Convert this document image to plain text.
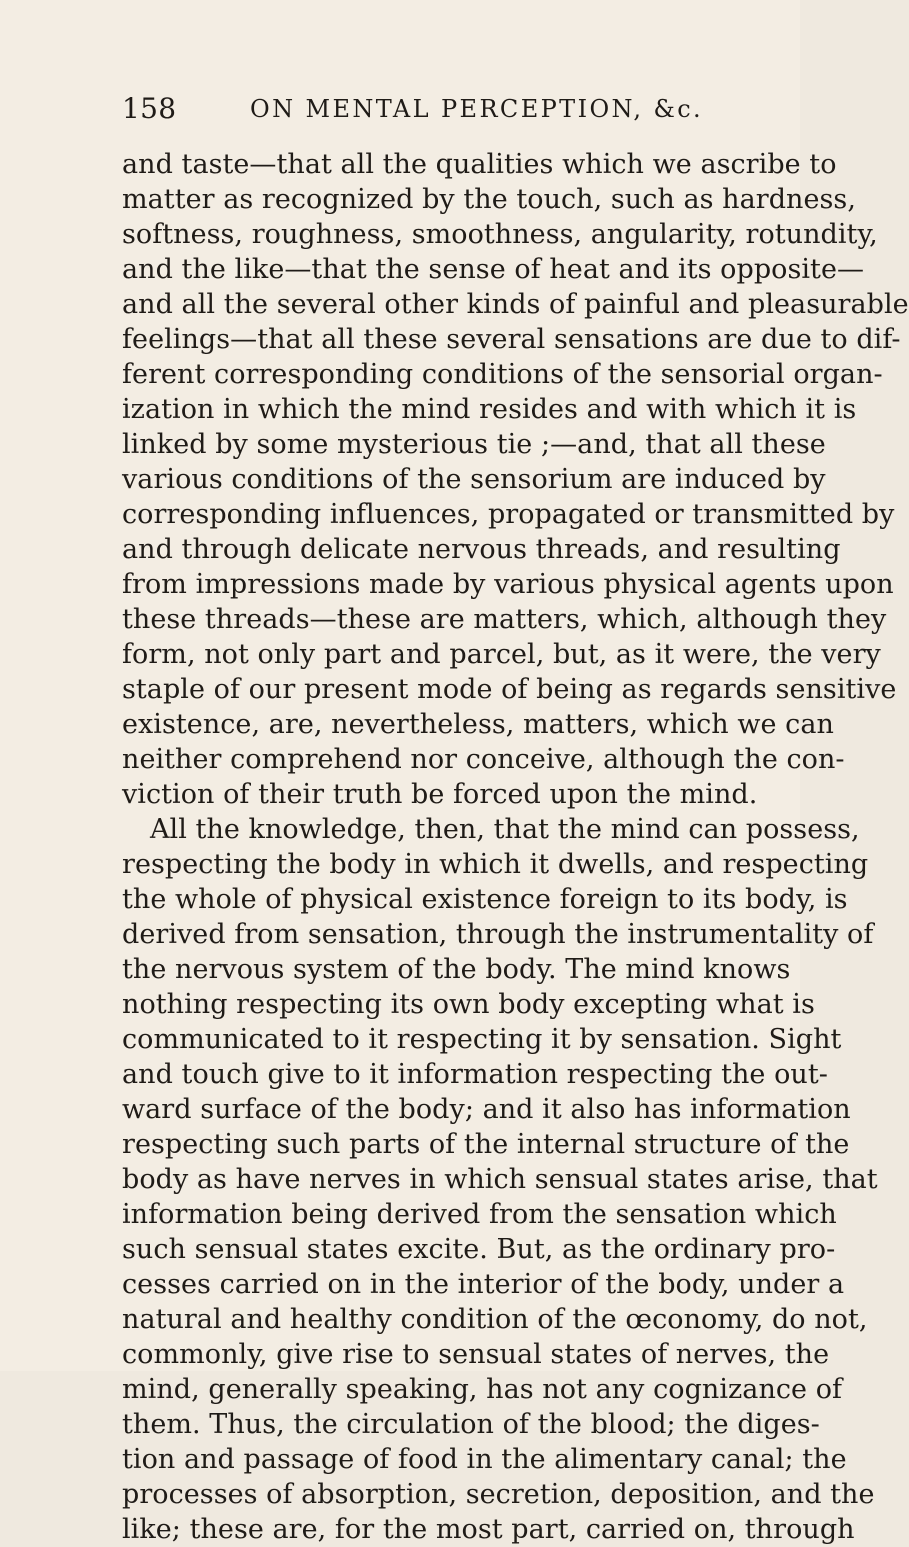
158	ON MENTAL PERCEPTION, &c.
and taste—that all the qualities which we ascribe to
matter as recognized by the touch, such as hardness,
softness, roughness, smoothness, angularity, rotundity,
and the like—that the sense of heat and its opposite—
and all the several other kinds of painful and pleasurable
feelings—that all these several sensations are due to dif-
ferent corresponding conditions of the sensorial organ-
ization in which the mind resides and with which it is
linked by some mysterious tie ;—and, that all these
various conditions of the sensorium are induced by
corresponding influences, propagated or transmitted by
and through delicate nervous threads, and resulting
from impressions made by various physical agents upon
these threads—these are matters, which, although they
form, not only part and parcel, but, as it were, the very
staple of our present mode of being as regards sensitive
existence, are, nevertheless, matters, which we can
neither comprehend nor conceive, although the con-
viction of their truth be forced upon the mind.
All the knowledge, then, that the mind can possess,
respecting the body in which it dwells, and respecting
the whole of physical existence foreign to its body, is
derived from sensation, through the instrumentality of
the nervous system of the body. The mind knows
nothing respecting its own body excepting what is
communicated to it respecting it by sensation. Sight
and touch give to it information respecting the out-
ward surface of the body; and it also has information
respecting such parts of the internal structure of the
body as have nerves in which sensual states arise, that
information being derived from the sensation which
such sensual states excite. But, as the ordinary pro-
cesses carried on in the interior of the body, under a
natural and healthy condition of the œconomy, do not,
commonly, give rise to sensual states of nerves, the
mind, generally speaking, has not any cognizance of
them. Thus, the circulation of the blood; the diges-
tion and passage of food in the alimentary canal; the
processes of absorption, secretion, deposition, and the
like; these are, for the most part, carried on, through
